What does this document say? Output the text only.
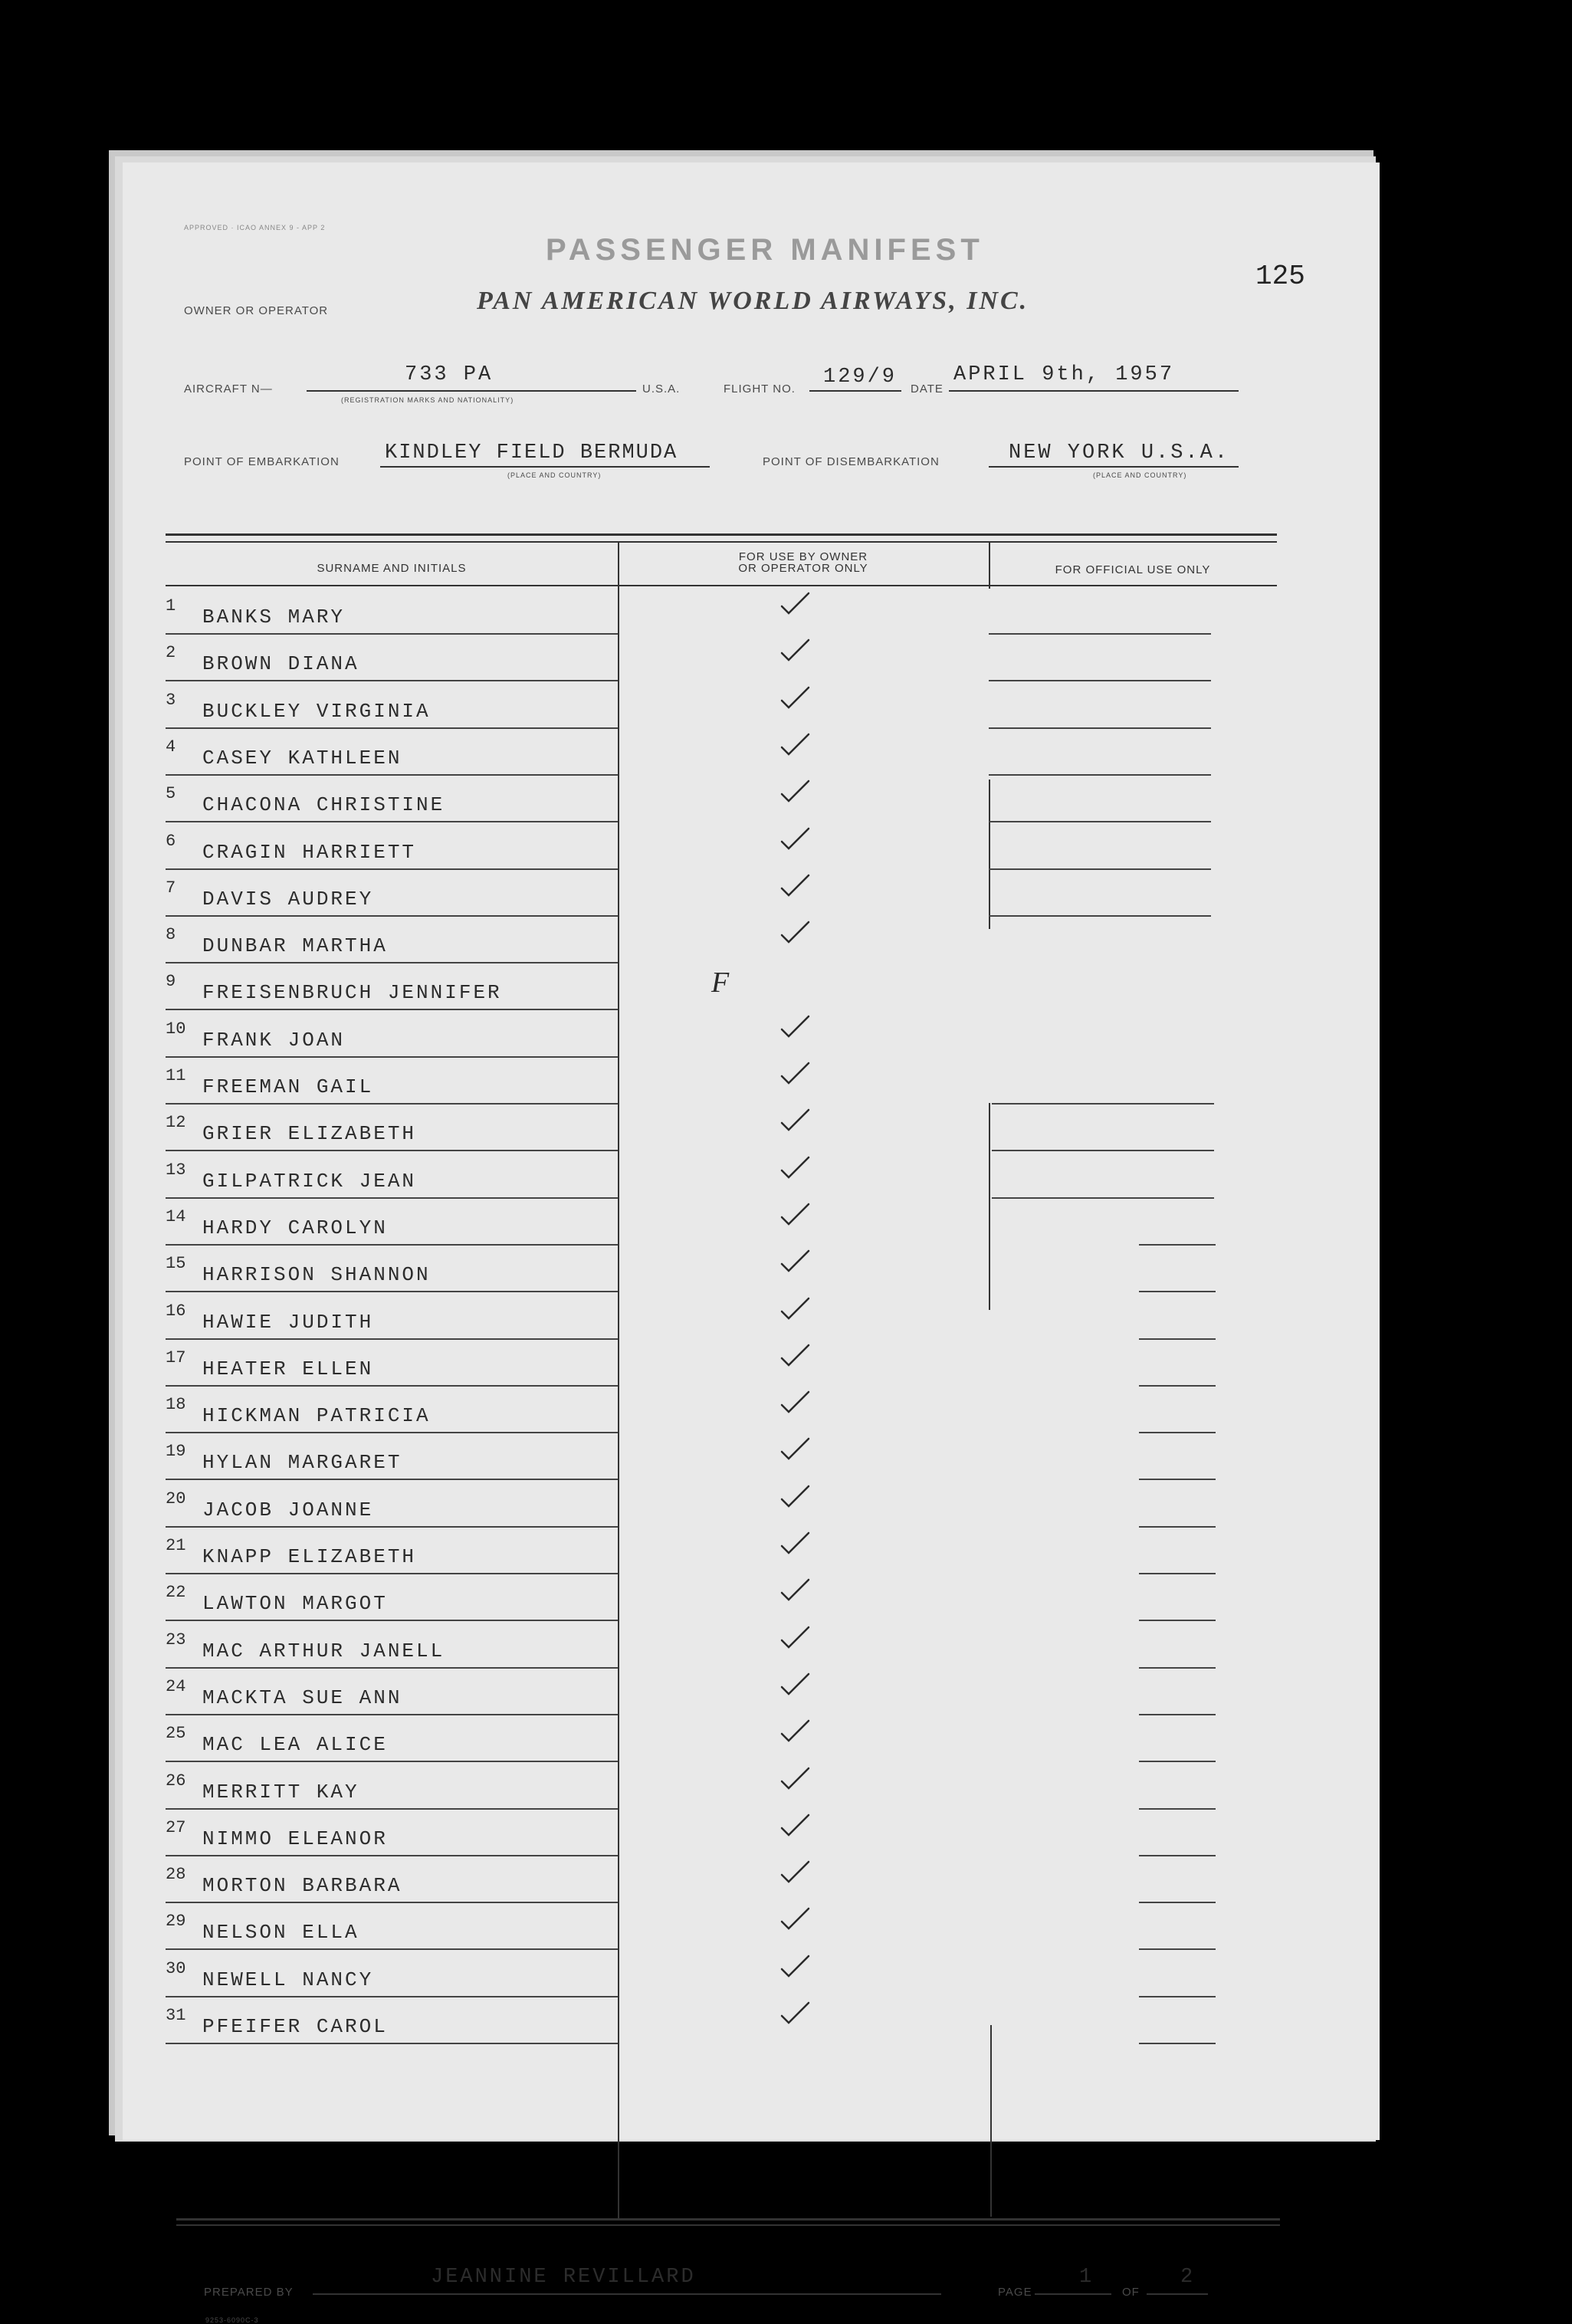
APPROVED · ICAO ANNEX 9 - APP 2
PASSENGER MANIFEST
125
OWNER OR OPERATOR	PAN AMERICAN WORLD AIRWAYS, INC.
AIRCRAFT N—
733 PA
(REGISTRATION MARKS AND NATIONALITY)
U.S.A.	FLIGHT NO.
129/9
DATE
APRIL 9th, 1957
POINT OF EMBARKATION KINDLEY FIELD BERMUDA
(PLACE AND COUNTRY)
POINT OF DISEMBARKATION	NEW YORK U.S.A.
(PLACE AND COUNTRY)
SURNAME AND INITIALS
FOR USE BY OWNER
OR OPERATOR ONLY	FOR OFFICIAL USE ONLY
1 BANKS MARY
2 BROWN DIANA
3 BUCKLEY VIRGINIA
4 CASEY KATHLEEN
5 CHACONA CHRISTINE
6 CRAGIN HARRIETT
7 DAVIS AUDREY
8 DUNBAR MARTHA
9 FREISENBRUCH JENNIFER	F
10 FRANK JOAN
11 FREEMAN GAIL
12 GRIER ELIZABETH
13 GILPATRICK JEAN
14 HARDY CAROLYN
15 HARRISON SHANNON
16 HAWIE JUDITH
17 HEATER ELLEN
18 HICKMAN PATRICIA
19 HYLAN MARGARET
20 JACOB JOANNE
21 KNAPP ELIZABETH
22 LAWTON MARGOT
23 MAC ARTHUR JANELL
24 MACKTA SUE ANN
25 MAC LEA ALICE
26 MERRITT KAY
27 NIMMO ELEANOR
28 MORTON BARBARA
29 NELSON ELLA
30 NEWELL NANCY
31 PFEIFER CAROL
PREPARED BY
JEANNINE REVILLARD
PAGE
1
OF
2
9253-6090C-3
